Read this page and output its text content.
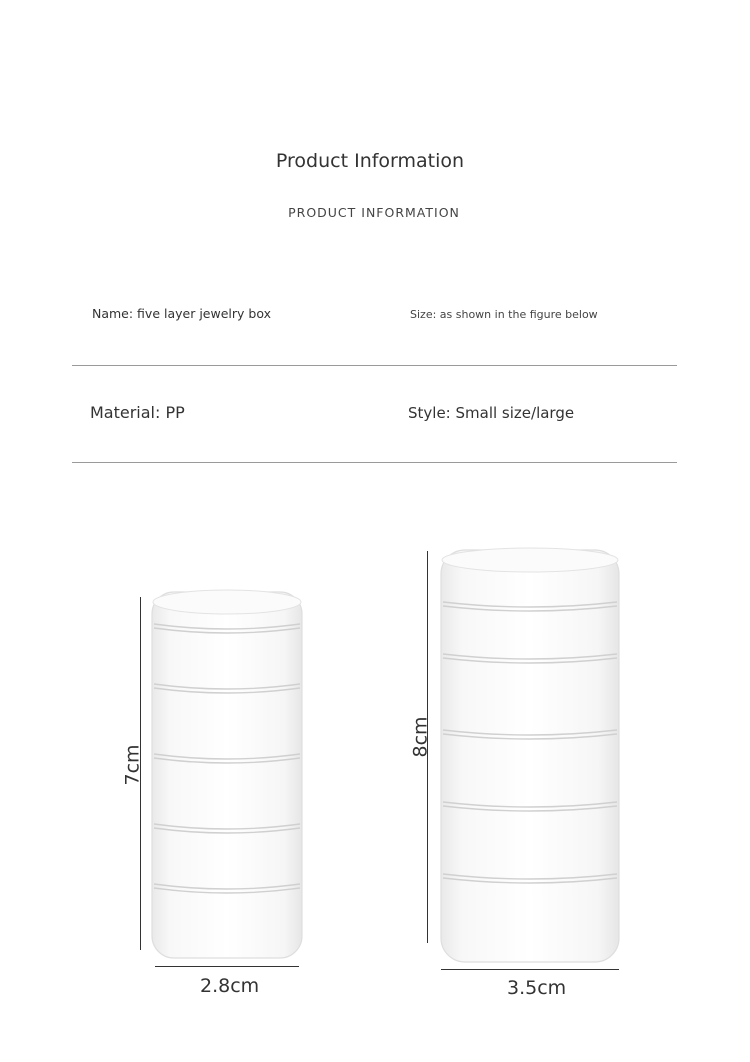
Product Information
PRODUCT INFORMATION
Name: five layer jewelry box	Size: as shown in the figure below
Material: PP	Style: Small size/large
7cm
2.8cm
8cm
3.5cm
